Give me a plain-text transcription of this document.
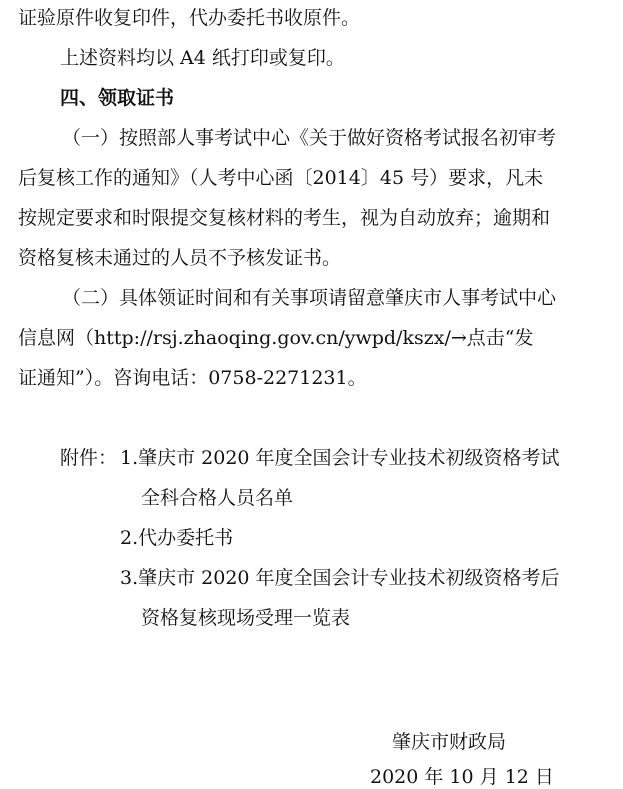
证验原件收复印件，代办委托书收原件。
上述资料均以 A4 纸打印或复印。
四、领取证书
（一）按照部人事考试中心《关于做好资格考试报名初审考
后复核工作的通知》（人考中心函〔2014〕45 号）要求，凡未
按规定要求和时限提交复核材料的考生，视为自动放弃；逾期和
资格复核未通过的人员不予核发证书。
（二）具体领证时间和有关事项请留意肇庆市人事考试中心
信息网（http://rsj.zhaoqing.gov.cn/ywpd/kszx/→点击“发
证通知”）。咨询电话：0758-2271231。
附件： 1.肇庆市 2020 年度全国会计专业技术初级资格考试
全科合格人员名单
2.代办委托书
3.肇庆市 2020 年度全国会计专业技术初级资格考后
资格复核现场受理一览表
肇庆市财政局
2020 年 10 月 12 日
